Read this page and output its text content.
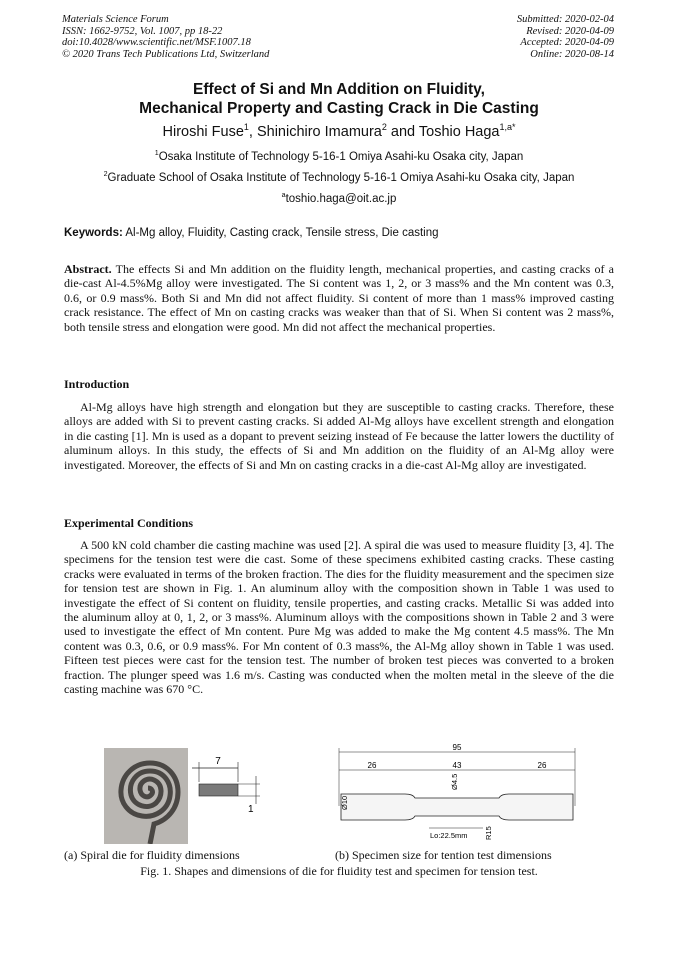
Materials Science Forum
ISSN: 1662-9752, Vol. 1007, pp 18-22
doi:10.4028/www.scientific.net/MSF.1007.18
© 2020 Trans Tech Publications Ltd, Switzerland
Submitted: 2020-02-04
Revised: 2020-04-09
Accepted: 2020-04-09
Online: 2020-08-14
Effect of Si and Mn Addition on Fluidity,
Mechanical Property and Casting Crack in Die Casting
Hiroshi Fuse$^1$, Shinichiro Imamura$^2$ and Toshio Haga$^{1,a*}$
$^1$Osaka Institute of Technology 5-16-1 Omiya Asahi-ku Osaka city, Japan
$^2$Graduate School of Osaka Institute of Technology 5-16-1 Omiya Asahi-ku Osaka city, Japan
$^a$toshio.haga@oit.ac.jp
Keywords: Al-Mg alloy, Fluidity, Casting crack, Tensile stress, Die casting
Abstract. The effects Si and Mn addition on the fluidity length, mechanical properties, and casting cracks of a die-cast Al-4.5%Mg alloy were investigated. The Si content was 1, 2, or 3 mass% and the Mn content was 0.3, 0.6, or 0.9 mass%. Both Si and Mn did not affect fluidity. Si content of more than 1 mass% improved casting crack resistance. The effect of Mn on casting cracks was weaker than that of Si. When Si content was 2 mass%, both tensile stress and elongation were good. Mn did not affect the mechanical properties.
Introduction
Al-Mg alloys have high strength and elongation but they are susceptible to casting cracks. Therefore, these alloys are added with Si to prevent casting cracks. Si added Al-Mg alloys have excellent strength and elongation in die casting [1]. Mn is used as a dopant to prevent seizing instead of Fe because the latter lowers the ductility of aluminum alloys. In this study, the effects of Si and Mn addition on the fluidity of an Al-Mg alloy were investigated. Moreover, the effects of Si and Mn on casting cracks in a die-cast Al-Mg alloy are investigated.
Experimental Conditions
A 500 kN cold chamber die casting machine was used [2]. A spiral die was used to measure fluidity [3, 4]. The specimens for the tension test were die cast. Some of these specimens exhibited casting cracks. These casting cracks were evaluated in terms of the broken fraction. The dies for the fluidity measurement and the specimen size for tension test are shown in Fig. 1. An aluminum alloy with the composition shown in Table 1 was used to investigate the effect of Si content on fluidity, tensile properties, and casting cracks. Metallic Si was added into the aluminum alloy at 0, 1, 2, or 3 mass%. Aluminum alloys with the compositions shown in Table 2 and 3 were used to investigate the effect of Mn content. Pure Mg was added to make the Mg content 4.5 mass%. The Mn content was 0.3, 0.6, or 0.9 mass%. For Mn content of 0.3 mass%, the Al-Mg alloy shown in Table 1 was used. Fifteen test pieces were cast for the tension test. The number of broken test pieces was converted to a broken fraction. The plunger speed was 1.6 m/s. Casting was conducted when the molten metal in the sleeve of the die casting machine was 670 °C.
7
1
95
26	43	26
Ø10
Ø4.5
Lo:22.5mm R15
(a) Spiral die for fluidity dimensions	(b) Specimen size for tention test dimensions
Fig. 1. Shapes and dimensions of die for fluidity test and specimen for tension test.
